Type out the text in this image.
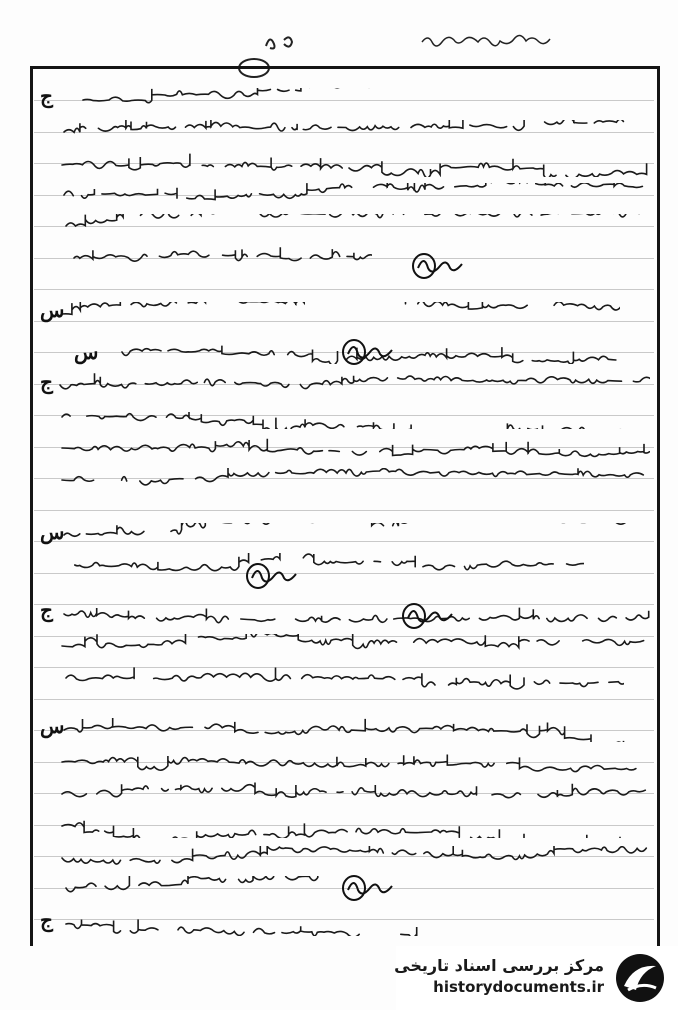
ج
س
ج
س
ج
س
ج
س
مرکز بررسی اسناد تاریخی
historydocuments.ir
